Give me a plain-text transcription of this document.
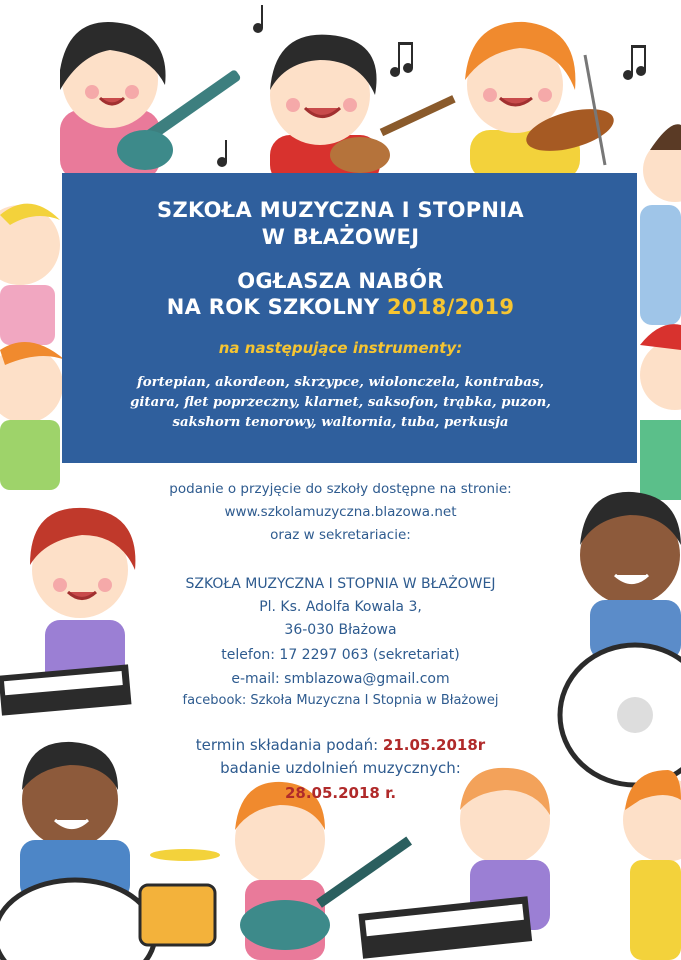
SZKOŁA MUZYCZNA I STOPNIA
W BŁAŻOWEJ
OGŁASZA NABÓR
NA ROK SZKOLNY 2018/2019
na następujące instrumenty:
fortepian, akordeon, skrzypce, wiolonczela, kontrabas,
gitara, flet poprzeczny, klarnet, saksofon, trąbka, puzon,
sakshorn tenorowy, waltornia, tuba, perkusja
podanie o przyjęcie do szkoły dostępne na stronie:
www.szkolamuzyczna.blazowa.net
oraz w sekretariacie:
SZKOŁA MUZYCZNA I STOPNIA W BŁAŻOWEJ
Pl. Ks. Adolfa Kowala 3,
36-030 Błażowa
telefon: 17 2297 063 (sekretariat)
e-mail: smblazowa@gmail.com
facebook: Szkoła Muzyczna I Stopnia w Błażowej
termin składania podań: 21.05.2018r
badanie uzdolnień muzycznych:
28.05.2018 r.
